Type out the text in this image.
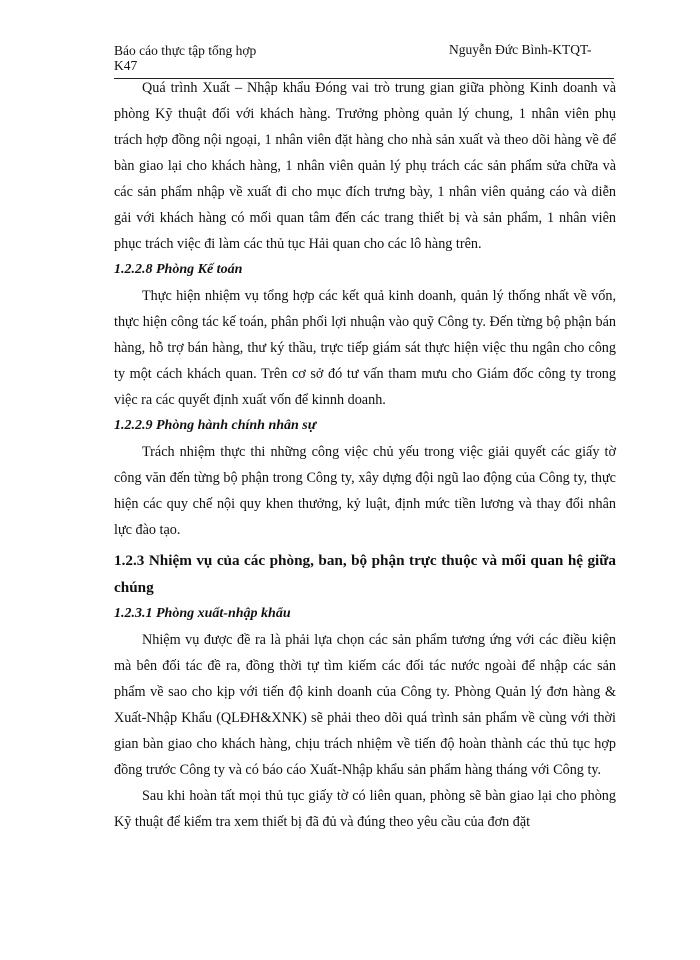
Báo cáo thực tập tổng hợp	Nguyễn Đức Bình-KTQT-
K47

Quá trình Xuất – Nhập khẩu Đóng vai trò trung gian giữa phòng Kinh doanh và phòng Kỹ thuật đối với khách hàng. Trưởng phòng quản lý chung, 1 nhân viên phụ trách hợp đồng nội ngoại, 1 nhân viên đặt hàng cho nhà sản xuất và theo dõi hàng về để bàn giao lại cho khách hàng, 1 nhân viên quản lý phụ trách các sản phẩm sửa chữa và các sản phẩm nhập về xuất đi cho mục đích trưng bày, 1 nhân viên quảng cáo và diễn gải với khách hàng có mối quan tâm đến các trang thiết bị và sản phẩm, 1 nhân viên phục trách việc đi làm các thủ tục Hải quan cho các lô hàng trên.

1.2.2.8 Phòng Kế toán

Thực hiện nhiệm vụ tổng hợp các kết quả kinh doanh, quản lý thống nhất về vốn, thực hiện công tác kế toán, phân phối lợi nhuận vào quỹ Công ty. Đến từng bộ phận bán hàng, hỗ trợ bán hàng, thư ký thầu, trực tiếp giám sát thực hiện việc thu ngân cho công ty một cách khách quan. Trên cơ sở đó tư vấn tham mưu cho Giám đốc công ty trong việc ra các quyết định xuất vốn để kinnh doanh.

1.2.2.9 Phòng hành chính nhân sự

Trách nhiệm thực thi những công việc chủ yếu trong việc giải quyết các giấy tờ công văn đến từng bộ phận trong Công ty, xây dựng đội ngũ lao động của Công ty, thực hiện các quy chế nội quy khen thưởng, kỷ luật, định mức tiền lương và thay đổi nhân lực đào tạo.

1.2.3 Nhiệm vụ của các phòng, ban, bộ phận trực thuộc và mối quan hệ giữa chúng
1.2.3.1 Phòng xuất-nhập khẩu

Nhiệm vụ được đề ra là phải lựa chọn các sản phẩm tương ứng với các điều kiện mà bên đối tác đề ra, đồng thời tự tìm kiếm các đối tác nước ngoài để nhập các sản phẩm về sao cho kịp với tiến độ kinh doanh của Công ty. Phòng Quản lý đơn hàng & Xuất-Nhập Khẩu (QLĐH&XNK) sẽ phải theo dõi quá trình sản phẩm về cùng với thời gian bàn giao cho khách hàng, chịu trách nhiệm về tiến độ hoàn thành các thủ tục hợp đồng trước Công ty và có báo cáo Xuất-Nhập khẩu sản phẩm hàng tháng với Công ty.

Sau khi hoàn tất mọi thủ tục giấy tờ có liên quan, phòng sẽ bàn giao lại cho phòng Kỹ thuật để kiểm tra xem thiết bị đã đủ và đúng theo yêu cầu của đơn đặt
